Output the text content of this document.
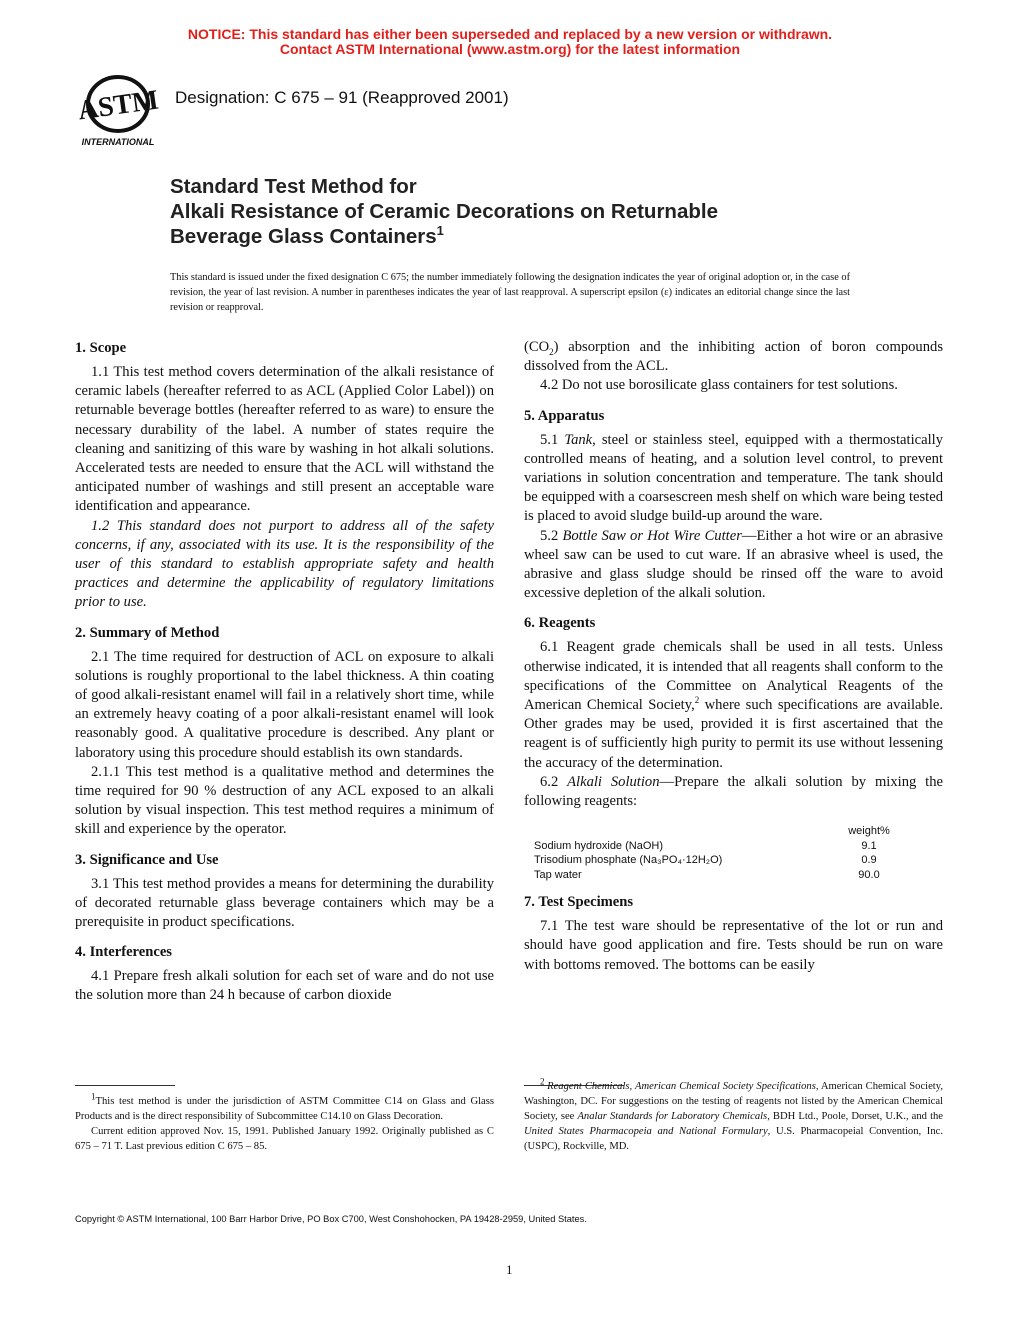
NOTICE: This standard has either been superseded and replaced by a new version or withdrawn.
Contact ASTM International (www.astm.org) for the latest information
ASTM
INTERNATIONAL
Designation: C 675 – 91 (Reapproved 2001)
Standard Test Method for
Alkali Resistance of Ceramic Decorations on Returnable
Beverage Glass Containers$^1$
This standard is issued under the fixed designation C 675; the number immediately following the designation indicates the year of original adoption or, in the case of revision, the year of last revision. A number in parentheses indicates the year of last reapproval. A superscript epsilon (ε) indicates an editorial change since the last revision or reapproval.
1. Scope

1.1 This test method covers determination of the alkali resistance of ceramic labels (hereafter referred to as ACL (Applied Color Label)) on returnable beverage bottles (hereafter referred to as ware) to ensure the necessary durability of the label. A number of states require the cleaning and sanitizing of this ware by washing in hot alkali solutions. Accelerated tests are needed to ensure that the ACL will withstand the anticipated number of washings and still present an acceptable ware identification and appearance.

1.2 This standard does not purport to address all of the safety concerns, if any, associated with its use. It is the responsibility of the user of this standard to establish appropriate safety and health practices and determine the applicability of regulatory limitations prior to use.

2. Summary of Method

2.1 The time required for destruction of ACL on exposure to alkali solutions is roughly proportional to the label thickness. A thin coating of good alkali-resistant enamel will fail in a relatively short time, while an extremely heavy coating of a poor alkali-resistant enamel will look reasonably good. A qualitative procedure is described. Any plant or laboratory using this procedure should establish its own standards.

2.1.1 This test method is a qualitative method and determines the time required for 90 % destruction of any ACL exposed to an alkali solution by visual inspection. This test method requires a minimum of skill and experience by the operator.

3. Significance and Use

3.1 This test method provides a means for determining the durability of decorated returnable glass beverage containers which may be a prerequisite in product specifications.

4. Interferences

4.1 Prepare fresh alkali solution for each set of ware and do not use the solution more than 24 h because of carbon dioxide

$(CO_2)$ absorption and the inhibiting action of boron compounds dissolved from the ACL.

4.2 Do not use borosilicate glass containers for test solutions.

5. Apparatus

5.1 Tank, steel or stainless steel, equipped with a thermostatically controlled means of heating, and a solution level control, to prevent variations in solution concentration and temperature. The tank should be equipped with a coarsescreen mesh shelf on which ware being tested is placed to avoid sludge build-up around the ware.

5.2 Bottle Saw or Hot Wire Cutter—Either a hot wire or an abrasive wheel saw can be used to cut ware. If an abrasive wheel is used, the abrasive and glass sludge should be rinsed off the ware to avoid excessive depletion of the alkali solution.

6. Reagents

6.1 Reagent grade chemicals shall be used in all tests. Unless otherwise indicated, it is intended that all reagents shall conform to the specifications of the Committee on Analytical Reagents of the American Chemical Society,$^2$ where such specifications are available. Other grades may be used, provided it is first ascertained that the reagent is of sufficiently high purity to permit its use without lessening the accuracy of the determination.

6.2 Alkali Solution—Prepare the alkali solution by mixing the following reagents:

	weight%
Sodium hydroxide (NaOH)	9.1
Trisodium phosphate (Na₃PO₄·12H₂O)	0.9
Tap water	90.0
7. Test Specimens

7.1 The test ware should be representative of the lot or run and should have good application and fire. Tests should be run on ware with bottoms removed. The bottoms can be easily

$^1$This test method is under the jurisdiction of ASTM Committee C14 on Glass and Glass Products and is the direct responsibility of Subcommittee C14.10 on Glass Decoration.

Current edition approved Nov. 15, 1991. Published January 1992. Originally published as C 675 – 71 T. Last previous edition C 675 – 85.

$^2$ Reagent Chemicals, American Chemical Society Specifications, American Chemical Society, Washington, DC. For suggestions on the testing of reagents not listed by the American Chemical Society, see Analar Standards for Laboratory Chemicals, BDH Ltd., Poole, Dorset, U.K., and the United States Pharmacopeia and National Formulary, U.S. Pharmacopeial Convention, Inc. (USPC), Rockville, MD.

Copyright © ASTM International, 100 Barr Harbor Drive, PO Box C700, West Conshohocken, PA 19428-2959, United States.
1
